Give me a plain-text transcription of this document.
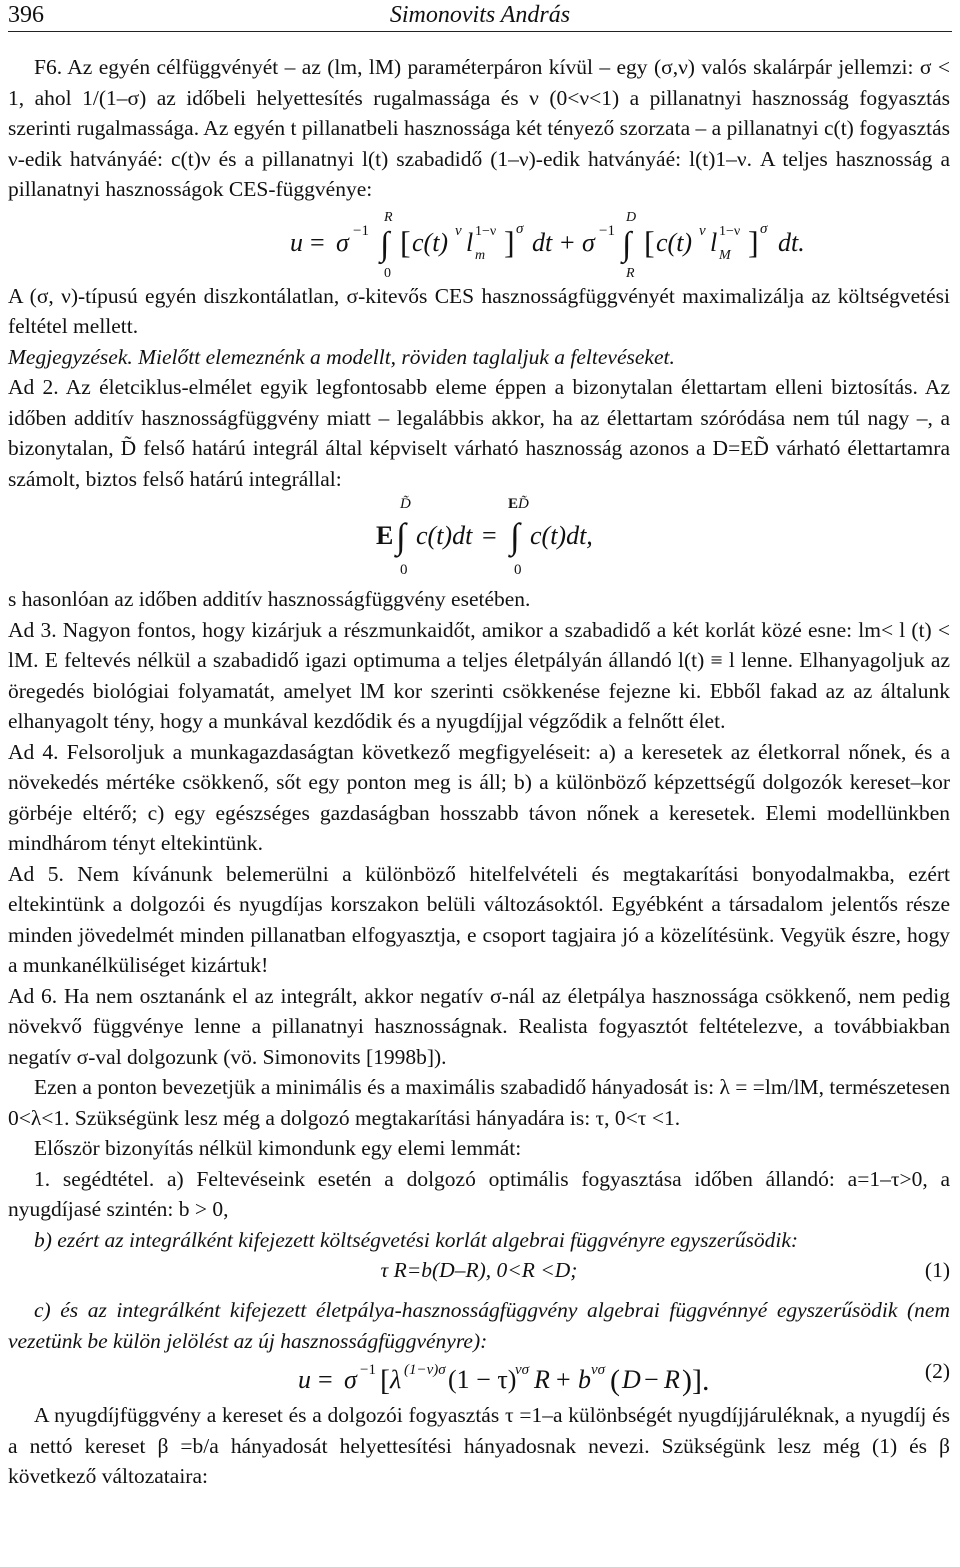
396	Simonovits András

F6. Az egyén célfüggvényét – az (lm, lM) paraméterpáron kívül – egy (σ,ν) valós skalárpár jellemzi: σ < 1, ahol 1/(1–σ) az időbeli helyettesítés rugalmassága és ν (0<ν<1) a pillanatnyi hasznosság fogyasztás szerinti rugalmassága. Az egyén t pillanatbeli hasznossága két tényező szorzata – a pillanatnyi c(t) fogyasztás ν-edik hatványáé: c(t)ν és a pillanatnyi l(t) szabadidő (1–ν)-edik hatványáé: l(t)1–ν. A teljes hasznosság a pillanatnyi hasznosságok CES-függvénye:

u = σ −1 ∫
R
0
[ c(t) ν l 1−ν
m ] σ dt + σ −1 ∫
D
R
[ c(t) ν l 1−ν
M ] σ dt.

A (σ, ν)-típusú egyén diszkontálatlan, σ-kitevős CES hasznosságfüggvényét maximalizálja az költségvetési feltétel mellett.

Megjegyzések. Mielőtt elemeznénk a modellt, röviden taglaljuk a feltevéseket.

Ad 2. Az életciklus-elmélet egyik legfontosabb eleme éppen a bizonytalan élettartam elleni biztosítás. Az időben additív hasznosságfüggvény miatt – legalábbis akkor, ha az élettartam szóródása nem túl nagy –, a bizonytalan, D̃ felső határú integrál által képviselt várható hasznosság azonos a D=ED̃ várható élettartamra számolt, biztos felső határú integrállal:

E ∫
D̃
0
c(t)dt = ∫
E D̃
0
c(t)dt,

s hasonlóan az időben additív hasznosságfüggvény esetében.

Ad 3. Nagyon fontos, hogy kizárjuk a részmunkaidőt, amikor a szabadidő a két korlát közé esne: lm< l (t) < lM. E feltevés nélkül a szabadidő igazi optimuma a teljes életpályán állandó l(t) ≡ l lenne. Elhanyagoljuk az öregedés biológiai folyamatát, amelyet lM kor szerinti csökkenése fejezne ki. Ebből fakad az az általunk elhanyagolt tény, hogy a munkával kezdődik és a nyugdíjjal végződik a felnőtt élet.

Ad 4. Felsoroljuk a munkagazdaságtan következő megfigyeléseit: a) a keresetek az életkorral nőnek, és a növekedés mértéke csökkenő, sőt egy ponton meg is áll; b) a különböző képzettségű dolgozók kereset–kor görbéje eltérő; c) egy egészséges gazdaságban hosszabb távon nőnek a keresetek. Elemi modellünkben mindhárom tényt eltekintünk.

Ad 5. Nem kívánunk belemerülni a különböző hitelfelvételi és megtakarítási bonyodalmakba, ezért eltekintünk a dolgozói és nyugdíjas korszakon belüli változásoktól. Egyébként a társadalom jelentős része minden jövedelmét minden pillanatban elfogyasztja, e csoport tagjaira jó a közelítésünk. Vegyük észre, hogy a munkanélküliséget kizártuk!

Ad 6. Ha nem osztanánk el az integrált, akkor negatív σ-nál az életpálya hasznossága csökkenő, nem pedig növekvő függvénye lenne a pillanatnyi hasznosságnak. Realista fogyasztót feltételezve, a továbbiakban negatív σ-val dolgozunk (vö. Simonovits [1998b]).

Ezen a ponton bevezetjük a minimális és a maximális szabadidő hányadosát is: λ = =lm/lM, természetesen 0<λ<1. Szükségünk lesz még a dolgozó megtakarítási hányadára is: τ, 0<τ <1.

Először bizonyítás nélkül kimondunk egy elemi lemmát:

1. segédtétel. a) Feltevéseink esetén a dolgozó optimális fogyasztása időben állandó: a=1–τ>0, a nyugdíjasé szintén: b > 0,

b) ezért az integrálként kifejezett költségvetési korlát algebrai függvényre egyszerűsödik:

τ R=b(D–R), 0<R <D;	(1)

c) és az integrálként kifejezett életpálya-hasznosságfüggvény algebrai függvénnyé egyszerűsödik (nem vezetünk be külön jelölést az új hasznosságfüggvényre):

u = σ −1 [ λ (1−ν)σ (1 − τ)
νσ R + b νσ ( D − R ) ].	(2)

A nyugdíjfüggvény a kereset és a dolgozói fogyasztás τ =1–a különbségét nyugdíjjáruléknak, a nyugdíj és a nettó kereset β =b/a hányadosát helyettesítési hányadosnak nevezi. Szükségünk lesz még (1) és β következő változataira:
